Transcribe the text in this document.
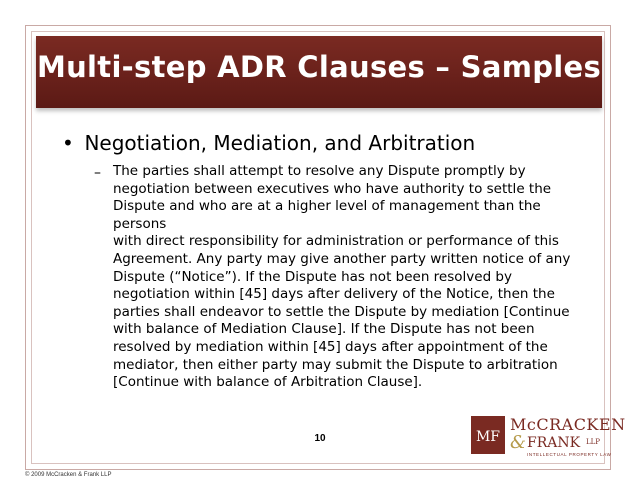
Multi-step ADR Clauses – Samples
• Negotiation, Mediation, and Arbitration
– The parties shall attempt to resolve any Dispute promptly by
negotiation between executives who have authority to settle the
Dispute and who are at a higher level of management than the persons
with direct responsibility for administration or performance of this
Agreement. Any party may give another party written notice of any
Dispute (“Notice”). If the Dispute has not been resolved by
negotiation within [45] days after delivery of the Notice, then the
parties shall endeavor to settle the Dispute by mediation [Continue
with balance of Mediation Clause]. If the Dispute has not been
resolved by mediation within [45] days after appointment of the
mediator, then either party may submit the Dispute to arbitration
[Continue with balance of Arbitration Clause].

10
© 2009 McCracken & Frank LLP
MF
McCRACKEN
& FRANK LLP
INTELLECTUAL PROPERTY LAW
